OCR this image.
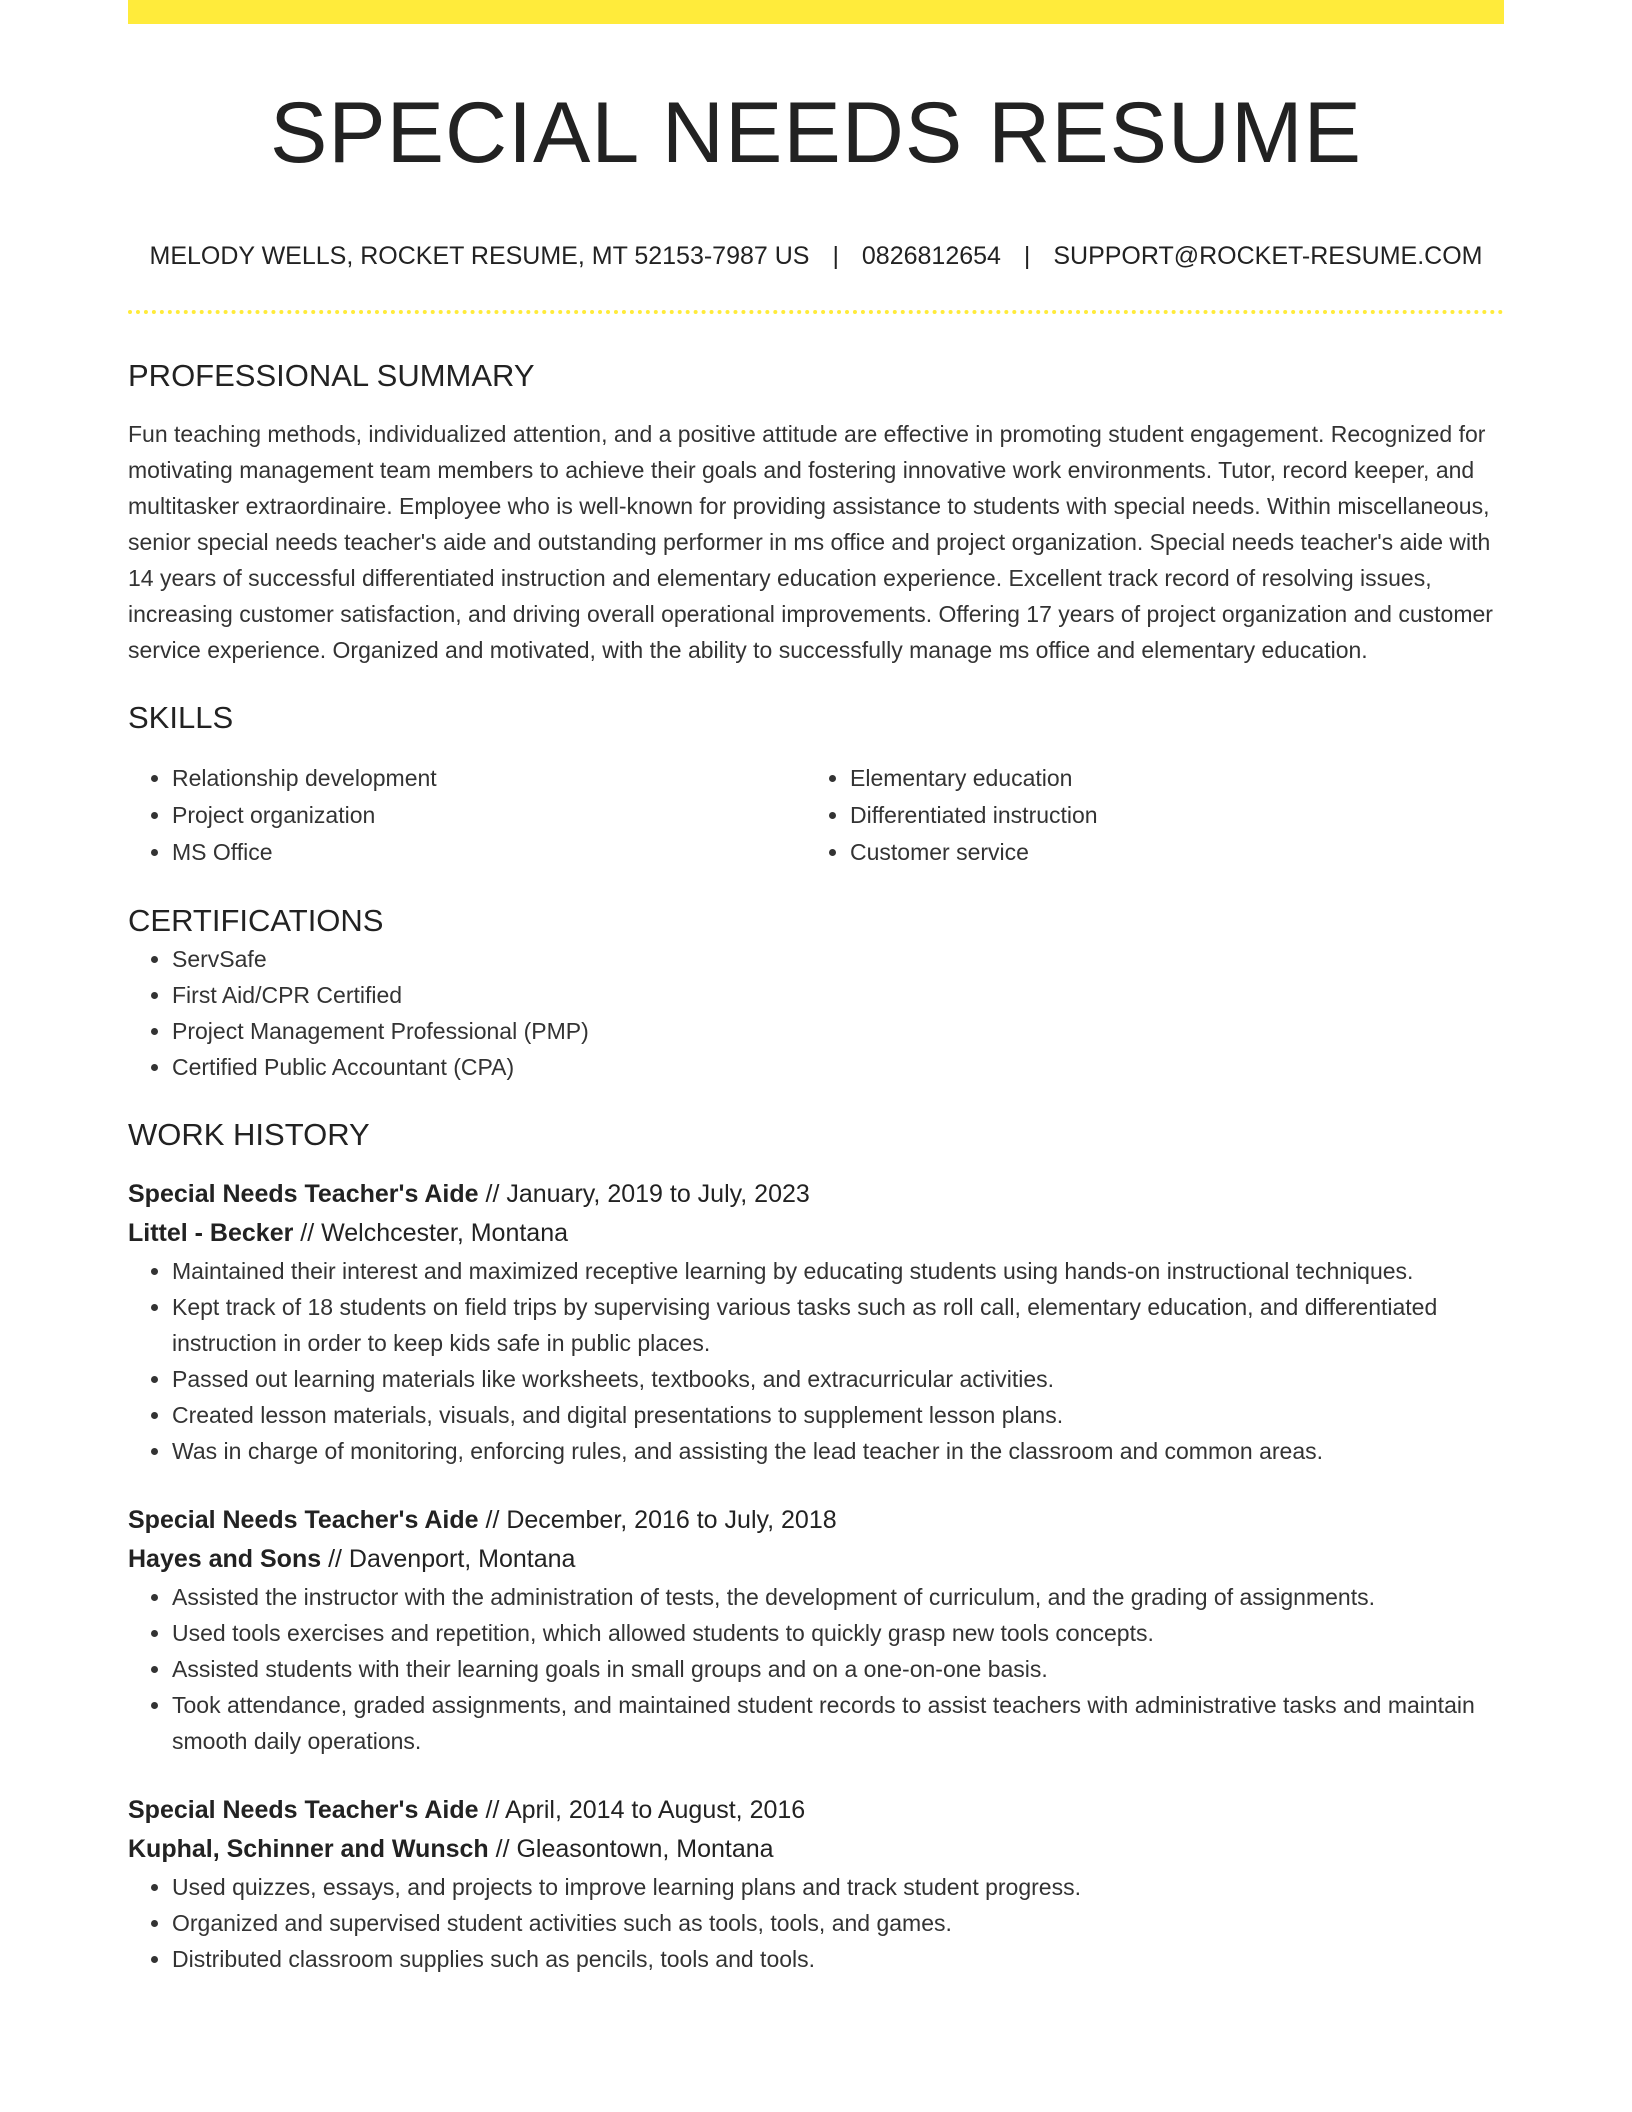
SPECIAL NEEDS RESUME
MELODY WELLS, ROCKET RESUME, MT 52153-7987 US | 0826812654 | SUPPORT@ROCKET-RESUME.COM
PROFESSIONAL SUMMARY

Fun teaching methods, individualized attention, and a positive attitude are effective in promoting student engagement. Recognized for motivating management team members to achieve their goals and fostering innovative work environments. Tutor, record keeper, and multitasker extraordinaire. Employee who is well-known for providing assistance to students with special needs. Within miscellaneous, senior special needs teacher's aide and outstanding performer in ms office and project organization. Special needs teacher's aide with 14 years of successful differentiated instruction and elementary education experience. Excellent track record of resolving issues, increasing customer satisfaction, and driving overall operational improvements. Offering 17 years of project organization and customer service experience. Organized and motivated, with the ability to successfully manage ms office and elementary education.

SKILLS
• Relationship development
• Project organization
• MS Office
• Elementary education
• Differentiated instruction
• Customer service
CERTIFICATIONS
• ServSafe
• First Aid/CPR Certified
• Project Management Professional (PMP)
• Certified Public Accountant (CPA)
WORK HISTORY
Special Needs Teacher's Aide // January, 2019 to July, 2023
Littel - Becker // Welchcester, Montana
• Maintained their interest and maximized receptive learning by educating students using hands-on instructional techniques.
• Kept track of 18 students on field trips by supervising various tasks such as roll call, elementary education, and differentiated instruction in order to keep kids safe in public places.
• Passed out learning materials like worksheets, textbooks, and extracurricular activities.
• Created lesson materials, visuals, and digital presentations to supplement lesson plans.
• Was in charge of monitoring, enforcing rules, and assisting the lead teacher in the classroom and common areas.
Special Needs Teacher's Aide // December, 2016 to July, 2018
Hayes and Sons // Davenport, Montana
• Assisted the instructor with the administration of tests, the development of curriculum, and the grading of assignments.
• Used tools exercises and repetition, which allowed students to quickly grasp new tools concepts.
• Assisted students with their learning goals in small groups and on a one-on-one basis.
• Took attendance, graded assignments, and maintained student records to assist teachers with administrative tasks and maintain smooth daily operations.
Special Needs Teacher's Aide // April, 2014 to August, 2016
Kuphal, Schinner and Wunsch // Gleasontown, Montana
• Used quizzes, essays, and projects to improve learning plans and track student progress.
• Organized and supervised student activities such as tools, tools, and games.
• Distributed classroom supplies such as pencils, tools and tools.
